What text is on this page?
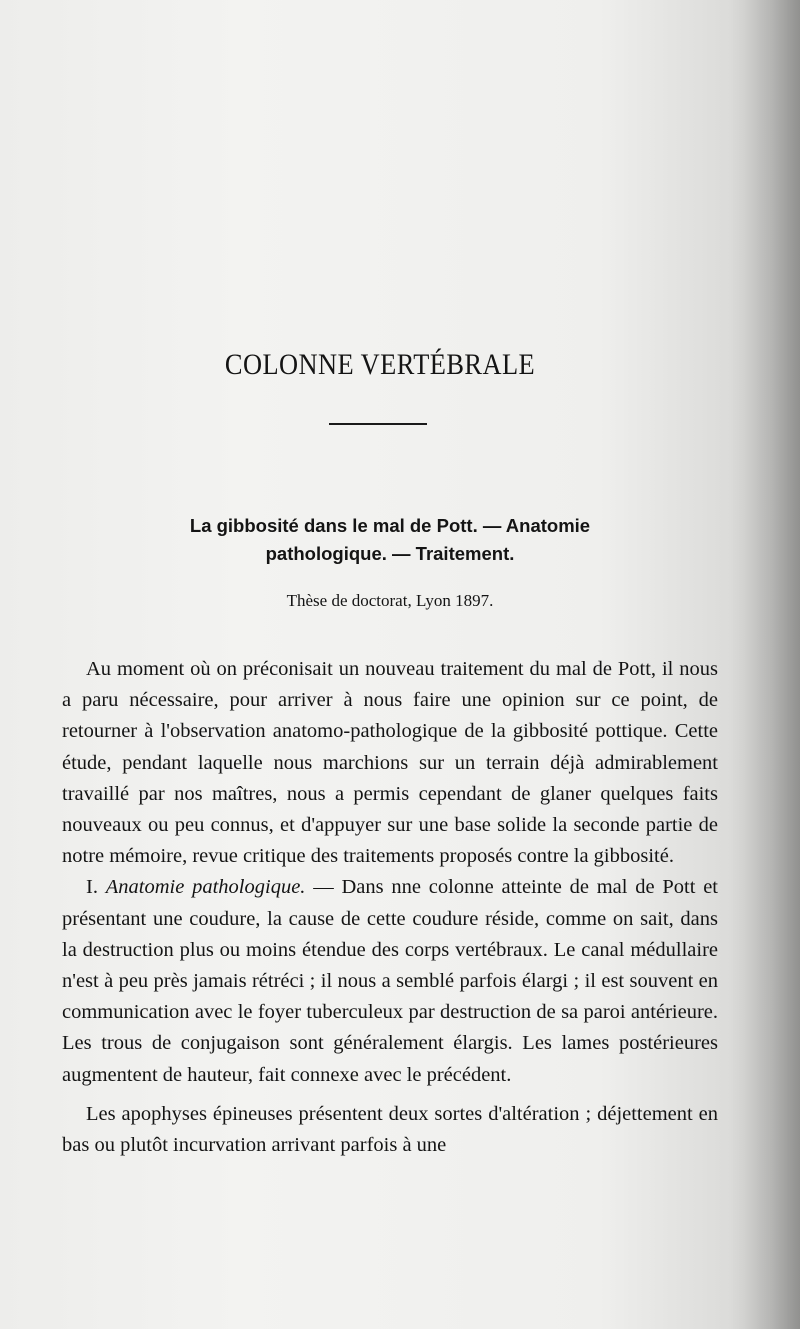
COLONNE VERTÉBRALE
La gibbosité dans le mal de Pott. — Anatomie
pathologique. — Traitement.

Thèse de doctorat, Lyon 1897.

Au moment où on préconisait un nouveau traitement du mal de Pott, il nous a paru nécessaire, pour arriver à nous faire une opinion sur ce point, de retourner à l'observation anatomo-pathologique de la gibbosité pottique. Cette étude, pendant laquelle nous marchions sur un terrain déjà admirablement travaillé par nos maîtres, nous a permis cependant de glaner quelques faits nouveaux ou peu connus, et d'appuyer sur une base solide la seconde partie de notre mémoire, revue critique des traitements proposés contre la gibbosité.

I. Anatomie pathologique. — Dans nne colonne atteinte de mal de Pott et présentant une coudure, la cause de cette coudure réside, comme on sait, dans la destruction plus ou moins étendue des corps vertébraux. Le canal médullaire n'est à peu près jamais rétréci ; il nous a semblé parfois élargi ; il est souvent en communication avec le foyer tuberculeux par destruction de sa paroi antérieure. Les trous de conjugaison sont généralement élargis. Les lames postérieures augmentent de hauteur, fait connexe avec le précédent.

Les apophyses épineuses présentent deux sortes d'altération ; déjettement en bas ou plutôt incurvation arrivant parfois à une
